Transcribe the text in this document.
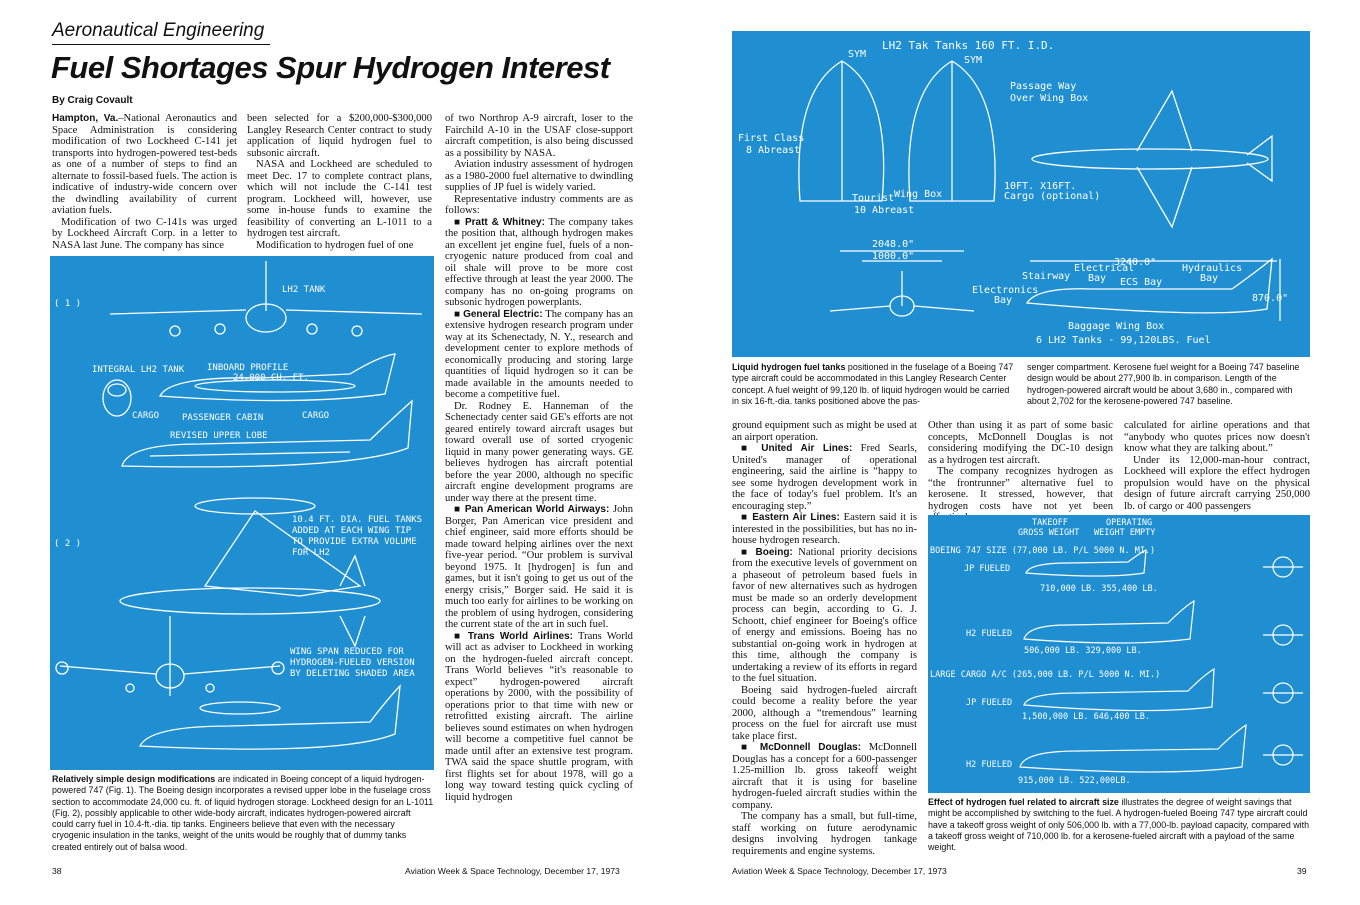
Aeronautical Engineering
Fuel Shortages Spur Hydrogen Interest
By Craig Covault

Hampton, Va.–National Aeronautics and Space Administration is considering modification of two Lockheed C-141 jet transports into hydrogen-powered test-beds as one of a number of steps to find an alternate to fossil-based fuels. The action is indicative of industry-wide concern over the dwindling availability of current aviation fuels.

Modification of two C-141s was urged by Lockheed Aircraft Corp. in a letter to NASA last June. The company has since

been selected for a $200,000-$300,000 Langley Research Center contract to study application of liquid hydrogen fuel to subsonic aircraft.

NASA and Lockheed are scheduled to meet Dec. 17 to complete contract plans, which will not include the C-141 test program. Lockheed will, however, use some in-house funds to examine the feasibility of converting an L-1011 to a hydrogen test aircraft.

Modification to hydrogen fuel of one

of two Northrop A-9 aircraft, loser to the Fairchild A-10 in the USAF close-support aircraft competition, is also being discussed as a possibility by NASA.

Aviation industry assessment of hydrogen as a 1980-2000 fuel alternative to dwindling supplies of JP fuel is widely varied.

Representative industry comments are as follows:

■ Pratt & Whitney: The company takes the position that, although hydrogen makes an excellent jet engine fuel, fuels of a non-cryogenic nature produced from coal and oil shale will prove to be more cost effective through at least the year 2000. The company has no on-going programs on subsonic hydrogen powerplants.

■ General Electric: The company has an extensive hydrogen research program under way at its Schenectady, N. Y., research and development center to explore methods of economically producing and storing large quantities of liquid hydrogen so it can be made available in the amounts needed to become a competitive fuel.

Dr. Rodney E. Hanneman of the Schenectady center said GE's efforts are not geared entirely toward aircraft usages but toward overall use of sorted cryogenic liquid in many power generating ways. GE believes hydrogen has aircraft potential before the year 2000, although no specific aircraft engine development programs are under way there at the present time.

■ Pan American World Airways: John Borger, Pan American vice president and chief engineer, said more efforts should be made toward helping airlines over the next five-year period. “Our problem is survival beyond 1975. It [hydrogen] is fun and games, but it isn't going to get us out of the energy crisis,” Borger said. He said it is much too early for airlines to be working on the problem of using hydrogen, considering the current state of the art in such fuel.

■ Trans World Airlines: Trans World will act as adviser to Lockheed in working on the hydrogen-fueled aircraft concept. Trans World believes “it's reasonable to expect” hydrogen-powered aircraft operations by 2000, with the possibility of operations prior to that time with new or retrofitted existing aircraft. The airline believes sound estimates on when hydrogen will become a competitive fuel cannot be made until after an extensive test program. TWA said the space shuttle program, with first flights set for about 1978, will go a long way toward testing quick cycling of liquid hydrogen

ground equipment such as might be used at an airport operation.

■ United Air Lines: Fred Searls, United's manager of operational engineering, said the airline is “happy to see some hydrogen development work in the face of today's fuel problem. It's an encouraging step.”

■ Eastern Air Lines: Eastern said it is interested in the possibilities, but has no in-house hydrogen research.

■ Boeing: National priority decisions from the executive levels of government on a phaseout of petroleum based fuels in favor of new alternatives such as hydrogen must be made so an orderly development process can begin, according to G. J. Schoott, chief engineer for Boeing's office of energy and emissions. Boeing has no substantial on-going work in hydrogen at this time, although the company is undertaking a review of its efforts in regard to the fuel situation.

Boeing said hydrogen-fueled aircraft could become a reality before the year 2000, although a “tremendous” learning process on the fuel for aircraft use must take place first.

■ McDonnell Douglas: McDonnell Douglas has a concept for a 600-passenger 1.25-million lb. gross takeoff weight aircraft that it is using for baseline hydrogen-fueled aircraft studies within the company.

The company has a small, but full-time, staff working on future aerodynamic designs involving hydrogen tankage requirements and engine systems.

Other than using it as part of some basic concepts, McDonnell Douglas is not considering modifying the DC-10 design as a hydrogen test aircraft.

The company recognizes hydrogen as “the frontrunner” alternative fuel to kerosene. It stressed, however, that hydrogen costs have not yet been

calculated for airline operations and that “anybody who quotes prices now doesn't know what they are talking about.”

Under its 12,000-man-hour contract, Lockheed will explore the effect hydrogen propulsion would have on the physical design of future aircraft carrying 250,000 lb. of cargo or 400 passengers

( 1 )
( 2 )
LH2 TANK
INTEGRAL LH2 TANK	INBOARD PROFILE
24,000 CU. FT.
CARGO	PASSENGER CABIN	CARGO
REVISED UPPER LOBE
10.4 FT. DIA. FUEL TANKS
ADDED AT EACH WING TIP
TO PROVIDE EXTRA VOLUME
FOR LH2
WING SPAN REDUCED FOR
HYDROGEN-FUELED VERSION
BY DELETING SHADED AREA
Relatively simple design modifications are indicated in Boeing concept of a liquid hydrogen-powered 747 (Fig. 1). The Boeing design incorporates a revised upper lobe in the fuselage cross section to accommodate 24,000 cu. ft. of liquid hydrogen storage. Lockheed design for an L-1011 (Fig. 2), possibly applicable to other wide-body aircraft, indicates hydrogen-powered aircraft could carry fuel in 10.4-ft.-dia. tip tanks. Engineers believe that even with the necessary cryogenic insulation in the tanks, weight of the units would be roughly that of dummy tanks created entirely out of balsa wood.
SYM
LH2 Tak Tanks 160 FT. I.D.
SYM
Passage Way
Over Wing Box
First Class
8 Abreast
Tourist
10 Abreast
Wing Box
10FT. X16FT.
Cargo (optional)
2048.0"
1000.0"
3240.0"
Electrical
Bay ECS Bay
Hydraulics
Bay
Stairway
Electronics
Bay	870.0"
Baggage Wing Box
6 LH2 Tanks - 99,120LBS. Fuel
Liquid hydrogen fuel tanks positioned in the fuselage of a Boeing 747 type aircraft could be accommodated in this Langley Research Center concept. A fuel weight of 99,120 lb. of liquid hydrogen would be carried in six 16-ft.-dia. tanks positioned above the pas-
senger compartment. Kerosene fuel weight for a Boeing 747 baseline design would be about 277,900 lb. in comparison. Length of the hydrogen-powered aircraft would be about 3,680 in., compared with about 2,702 for the kerosene-powered 747 baseline.
TAKEOFF
GROSS WEIGHT
OPERATING
WEIGHT EMPTY
BOEING 747 SIZE (77,000 LB. P/L 5000 N. MI.)
JP FUELED
710,000 LB. 355,400 LB.
H2 FUELED
506,000 LB. 329,000 LB.
LARGE CARGO A/C (265,000 LB. P/L 5000 N. MI.)
JP FUELED
1,500,000 LB. 646,400 LB.
H2 FUELED
915,000 LB. 522,000LB.
Effect of hydrogen fuel related to aircraft size illustrates the degree of weight savings that might be accomplished by switching to the fuel. A hydrogen-fueled Boeing 747 type aircraft could have a takeoff gross weight of only 506,000 lb. with a 77,000-lb. payload capacity, compared with a takeoff gross weight of 710,000 lb. for a kerosene-fueled aircraft with a payload of the same weight.
38	Aviation Week & Space Technology, December 17, 1973	Aviation Week & Space Technology, December 17, 1973	39
